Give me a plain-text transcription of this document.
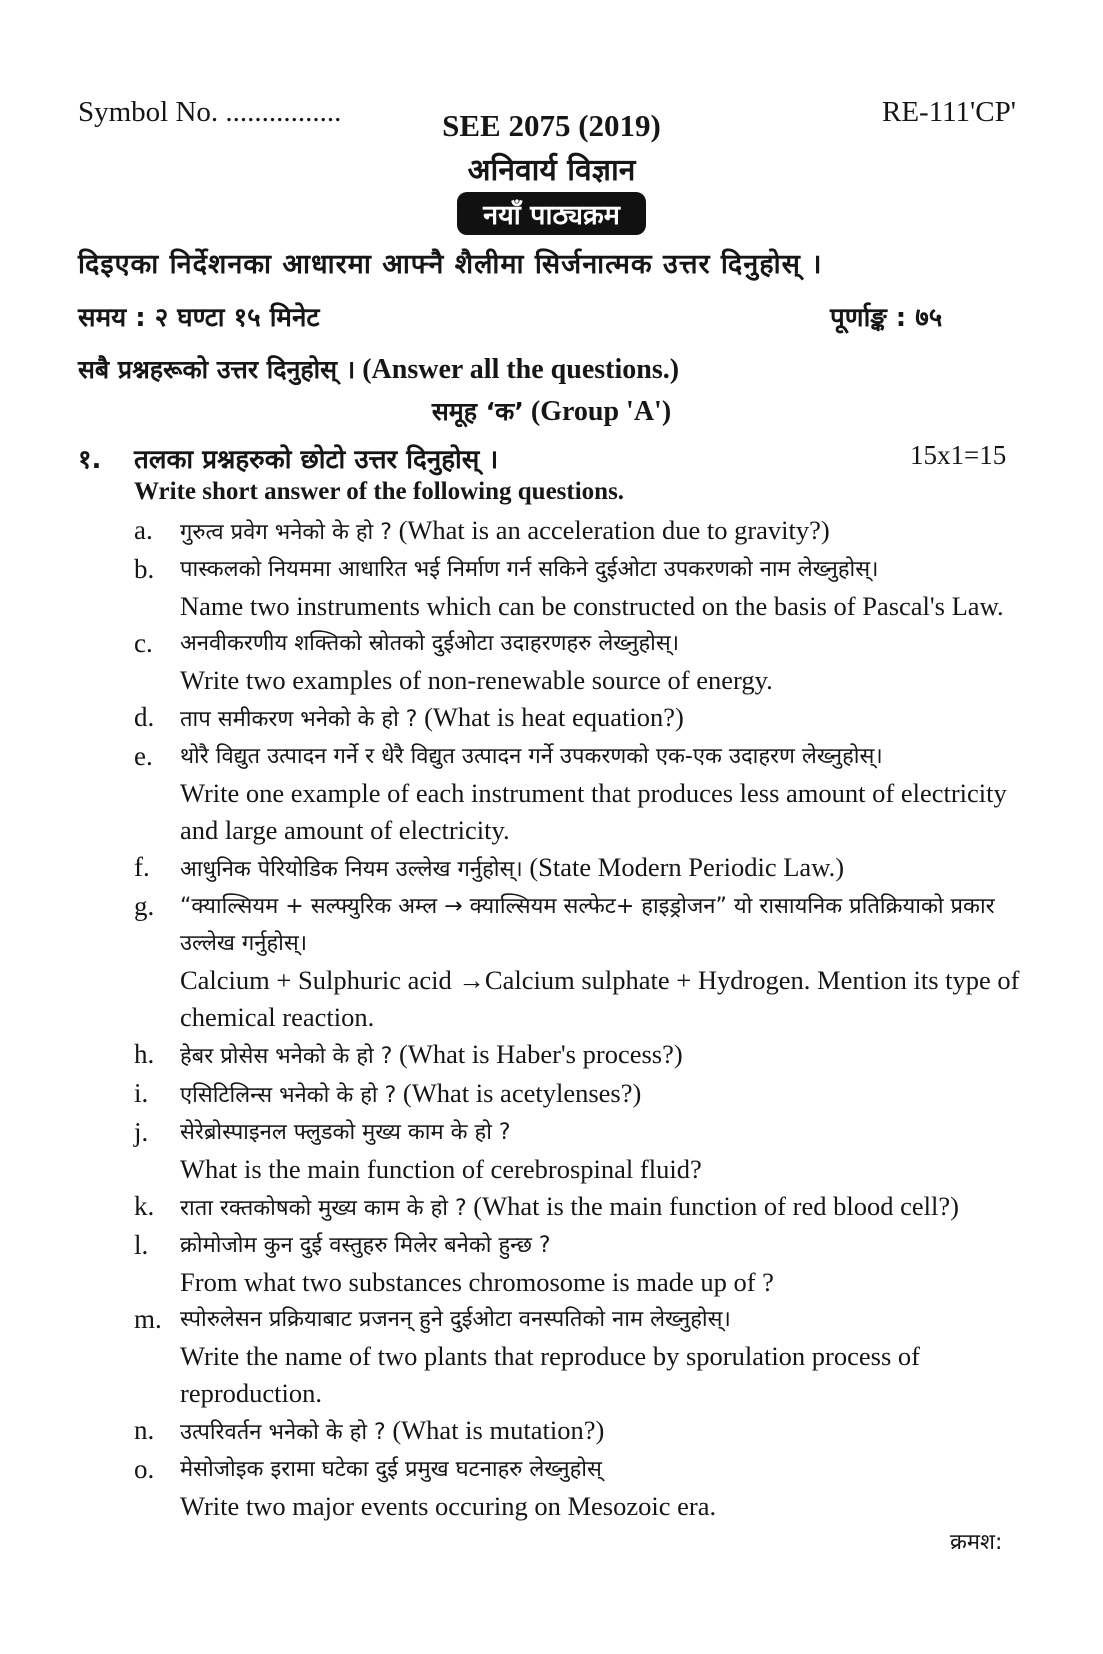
Symbol No. ................	SEE 2075 (2019)	RE-111'CP'
अनिवार्य विज्ञान
नयाँ पाठ्यक्रम
दिइएका निर्देशनका आधारमा आफ्नै शैलीमा सिर्जनात्मक उत्तर दिनुहोस् ।
समय : २ घण्टा १५ मिनेट	पूर्णाङ्क : ७५
सबै प्रश्नहरूको उत्तर दिनुहोस् । (Answer all the questions.)
समूह ‘क’ (Group 'A')
१. तलका प्रश्नहरुको छोटो उत्तर दिनुहोस् ।	15x1=15
Write short answer of the following questions.
a. गुरुत्व प्रवेग भनेको के हो ? (What is an acceleration due to gravity?)
b. पास्कलको नियममा आधारित भई निर्माण गर्न सकिने दुईओटा उपकरणको नाम लेख्नुहोस्।
Name two instruments which can be constructed on the basis of Pascal's Law.
c. अनवीकरणीय शक्तिको स्रोतको दुईओटा उदाहरणहरु लेख्नुहोस्।
Write two examples of non-renewable source of energy.
d. ताप समीकरण भनेको के हो ? (What is heat equation?)
e. थोरै विद्युत उत्पादन गर्ने र धेरै विद्युत उत्पादन गर्ने उपकरणको एक-एक उदाहरण लेख्नुहोस्।
Write one example of each instrument that produces less amount of electricity and large amount of electricity.
f. आधुनिक पेरियोडिक नियम उल्लेख गर्नुहोस्। (State Modern Periodic Law.)
g. “क्याल्सियम + सल्फ्युरिक अम्ल → क्याल्सियम सल्फेट+ हाइड्रोजन” यो रासायनिक प्रतिक्रियाको प्रकार उल्लेख गर्नुहोस्।
Calcium + Sulphuric acid →Calcium sulphate + Hydrogen. Mention its type of chemical reaction.
h. हेबर प्रोसेस भनेको के हो ? (What is Haber's process?)
i. एसिटिलिन्स भनेको के हो ? (What is acetylenses?)
j. सेरेब्रोस्पाइनल फ्लुडको मुख्य काम के हो ?
What is the main function of cerebrospinal fluid?
k. राता रक्तकोषको मुख्य काम के हो ? (What is the main function of red blood cell?)
l. क्रोमोजोम कुन दुई वस्तुहरु मिलेर बनेको हुन्छ ?
From what two substances chromosome is made up of ?
m. स्पोरुलेसन प्रक्रियाबाट प्रजनन् हुने दुईओटा वनस्पतिको नाम लेख्नुहोस्।
Write the name of two plants that reproduce by sporulation process of reproduction.
n. उत्परिवर्तन भनेको के हो ? (What is mutation?)
o. मेसोजोइक इरामा घटेका दुई प्रमुख घटनाहरु लेख्नुहोस्
Write two major events occuring on Mesozoic era.
क्रमश:
